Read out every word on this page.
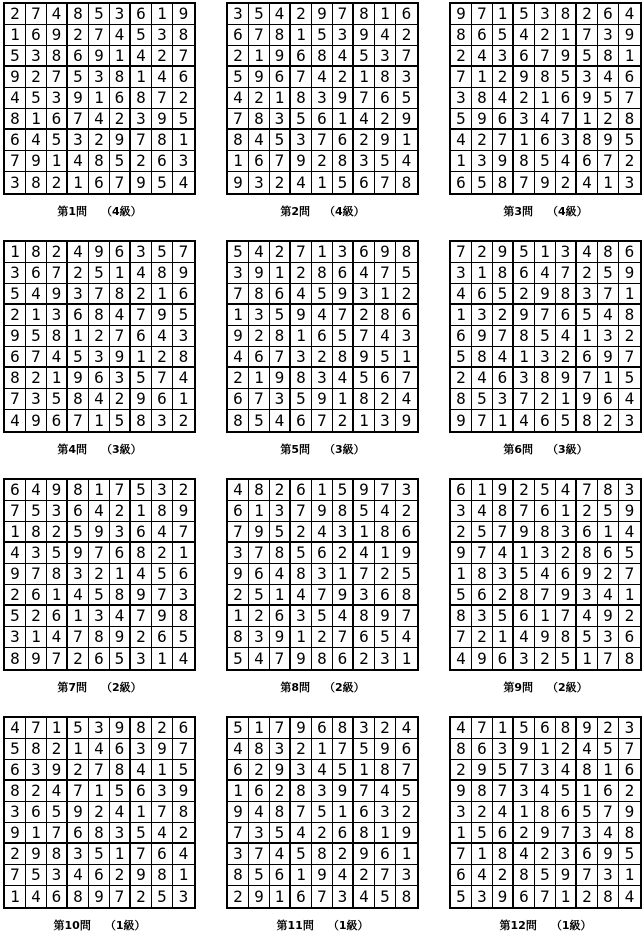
2 7 4 8 5 3 6 1 9
1 6 9 2 7 4 5 3 8
5 3 8 6 9 1 4 2 7
9 2 7 5 3 8 1 4 6
4 5 3 9 1 6 8 7 2
8 1 6 7 4 2 3 9 5
6 4 5 3 2 9 7 8 1
7 9 1 4 8 5 2 6 3
3 8 2 1 6 7 9 5 4
第1問 （4級）
3 5 4 2 9 7 8 1 6
6 7 8 1 5 3 9 4 2
2 1 9 6 8 4 5 3 7
5 9 6 7 4 2 1 8 3
4 2 1 8 3 9 7 6 5
7 8 3 5 6 1 4 2 9
8 4 5 3 7 6 2 9 1
1 6 7 9 2 8 3 5 4
9 3 2 4 1 5 6 7 8
第2問 （4級）
9 7 1 5 3 8 2 6 4
8 6 5 4 2 1 7 3 9
2 4 3 6 7 9 5 8 1
7 1 2 9 8 5 3 4 6
3 8 4 2 1 6 9 5 7
5 9 6 3 4 7 1 2 8
4 2 7 1 6 3 8 9 5
1 3 9 8 5 4 6 7 2
6 5 8 7 9 2 4 1 3
第3問 （4級）
1 8 2 4 9 6 3 5 7
3 6 7 2 5 1 4 8 9
5 4 9 3 7 8 2 1 6
2 1 3 6 8 4 7 9 5
9 5 8 1 2 7 6 4 3
6 7 4 5 3 9 1 2 8
8 2 1 9 6 3 5 7 4
7 3 5 8 4 2 9 6 1
4 9 6 7 1 5 8 3 2
第4問 （3級）
5 4 2 7 1 3 6 9 8
3 9 1 2 8 6 4 7 5
7 8 6 4 5 9 3 1 2
1 3 5 9 4 7 2 8 6
9 2 8 1 6 5 7 4 3
4 6 7 3 2 8 9 5 1
2 1 9 8 3 4 5 6 7
6 7 3 5 9 1 8 2 4
8 5 4 6 7 2 1 3 9
第5問 （3級）
7 2 9 5 1 3 4 8 6
3 1 8 6 4 7 2 5 9
4 6 5 2 9 8 3 7 1
1 3 2 9 7 6 5 4 8
6 9 7 8 5 4 1 3 2
5 8 4 1 3 2 6 9 7
2 4 6 3 8 9 7 1 5
8 5 3 7 2 1 9 6 4
9 7 1 4 6 5 8 2 3
第6問 （3級）
6 4 9 8 1 7 5 3 2
7 5 3 6 4 2 1 8 9
1 8 2 5 9 3 6 4 7
4 3 5 9 7 6 8 2 1
9 7 8 3 2 1 4 5 6
2 6 1 4 5 8 9 7 3
5 2 6 1 3 4 7 9 8
3 1 4 7 8 9 2 6 5
8 9 7 2 6 5 3 1 4
第7問 （2級）
4 8 2 6 1 5 9 7 3
6 1 3 7 9 8 5 4 2
7 9 5 2 4 3 1 8 6
3 7 8 5 6 2 4 1 9
9 6 4 8 3 1 7 2 5
2 5 1 4 7 9 3 6 8
1 2 6 3 5 4 8 9 7
8 3 9 1 2 7 6 5 4
5 4 7 9 8 6 2 3 1
第8問 （2級）
6 1 9 2 5 4 7 8 3
3 4 8 7 6 1 2 5 9
2 5 7 9 8 3 6 1 4
9 7 4 1 3 2 8 6 5
1 8 3 5 4 6 9 2 7
5 6 2 8 7 9 3 4 1
8 3 5 6 1 7 4 9 2
7 2 1 4 9 8 5 3 6
4 9 6 3 2 5 1 7 8
第9問 （2級）
4 7 1 5 3 9 8 2 6
5 8 2 1 4 6 3 9 7
6 3 9 2 7 8 4 1 5
8 2 4 7 1 5 6 3 9
3 6 5 9 2 4 1 7 8
9 1 7 6 8 3 5 4 2
2 9 8 3 5 1 7 6 4
7 5 3 4 6 2 9 8 1
1 4 6 8 9 7 2 5 3
第10問 （1級）
5 1 7 9 6 8 3 2 4
4 8 3 2 1 7 5 9 6
6 2 9 3 4 5 1 8 7
1 6 2 8 3 9 7 4 5
9 4 8 7 5 1 6 3 2
7 3 5 4 2 6 8 1 9
3 7 4 5 8 2 9 6 1
8 5 6 1 9 4 2 7 3
2 9 1 6 7 3 4 5 8
第11問 （1級）
4 7 1 5 6 8 9 2 3
8 6 3 9 1 2 4 5 7
2 9 5 7 3 4 8 1 6
9 8 7 3 4 5 1 6 2
3 2 4 1 8 6 5 7 9
1 5 6 2 9 7 3 4 8
7 1 8 4 2 3 6 9 5
6 4 2 8 5 9 7 3 1
5 3 9 6 7 1 2 8 4
第12問 （1級）
